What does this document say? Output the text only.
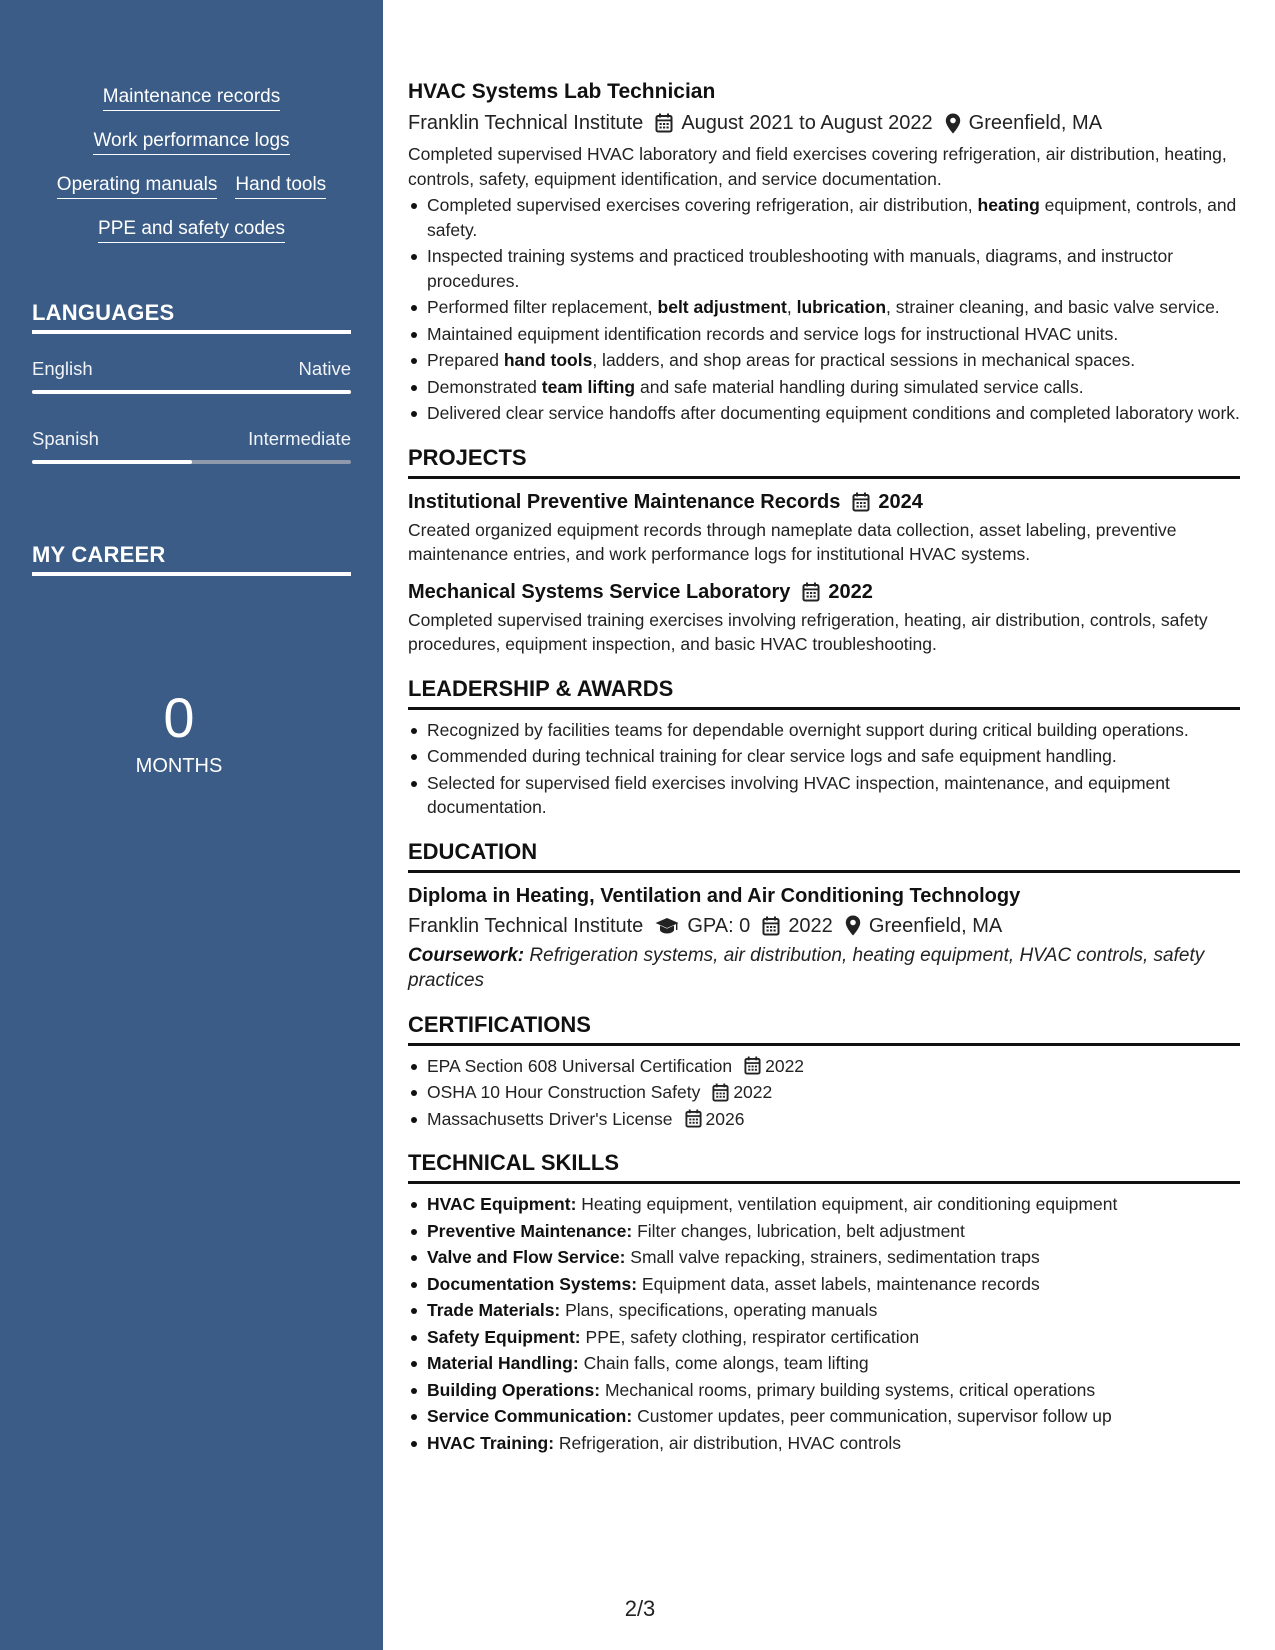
Maintenance records
Work performance logs
Operating manuals Hand tools
PPE and safety codes
LANGUAGES
English	Native
Spanish	Intermediate
MY CAREER
0
MONTHS
HVAC Systems Lab Technician
Franklin Technical Institute August 2021 to August 2022 Greenfield, MA

Completed supervised HVAC laboratory and field exercises covering refrigeration, air distribution, heating, controls, safety, equipment identification, and service documentation.

Completed supervised exercises covering refrigeration, air distribution, heating equipment, controls, and safety.
Inspected training systems and practiced troubleshooting with manuals, diagrams, and instructor procedures.
Performed filter replacement, belt adjustment, lubrication, strainer cleaning, and basic valve service.
Maintained equipment identification records and service logs for instructional HVAC units.
Prepared hand tools, ladders, and shop areas for practical sessions in mechanical spaces.
Demonstrated team lifting and safe material handling during simulated service calls.
Delivered clear service handoffs after documenting equipment conditions and completed laboratory work.
PROJECTS
Institutional Preventive Maintenance Records 2024

Created organized equipment records through nameplate data collection, asset labeling, preventive maintenance entries, and work performance logs for institutional HVAC systems.

Mechanical Systems Service Laboratory 2022

Completed supervised training exercises involving refrigeration, heating, air distribution, controls, safety procedures, equipment inspection, and basic HVAC troubleshooting.

LEADERSHIP & AWARDS
Recognized by facilities teams for dependable overnight support during critical building operations.
Commended during technical training for clear service logs and safe equipment handling.
Selected for supervised field exercises involving HVAC inspection, maintenance, and equipment documentation.
EDUCATION
Diploma in Heating, Ventilation and Air Conditioning Technology
Franklin Technical Institute GPA: 0 2022 Greenfield, MA
Coursework: Refrigeration systems, air distribution, heating equipment, HVAC controls, safety practices
CERTIFICATIONS
EPA Section 608 Universal Certification 2022
OSHA 10 Hour Construction Safety 2022
Massachusetts Driver's License 2026
TECHNICAL SKILLS
HVAC Equipment: Heating equipment, ventilation equipment, air conditioning equipment
Preventive Maintenance: Filter changes, lubrication, belt adjustment
Valve and Flow Service: Small valve repacking, strainers, sedimentation traps
Documentation Systems: Equipment data, asset labels, maintenance records
Trade Materials: Plans, specifications, operating manuals
Safety Equipment: PPE, safety clothing, respirator certification
Material Handling: Chain falls, come alongs, team lifting
Building Operations: Mechanical rooms, primary building systems, critical operations
Service Communication: Customer updates, peer communication, supervisor follow up
HVAC Training: Refrigeration, air distribution, HVAC controls
2/3
